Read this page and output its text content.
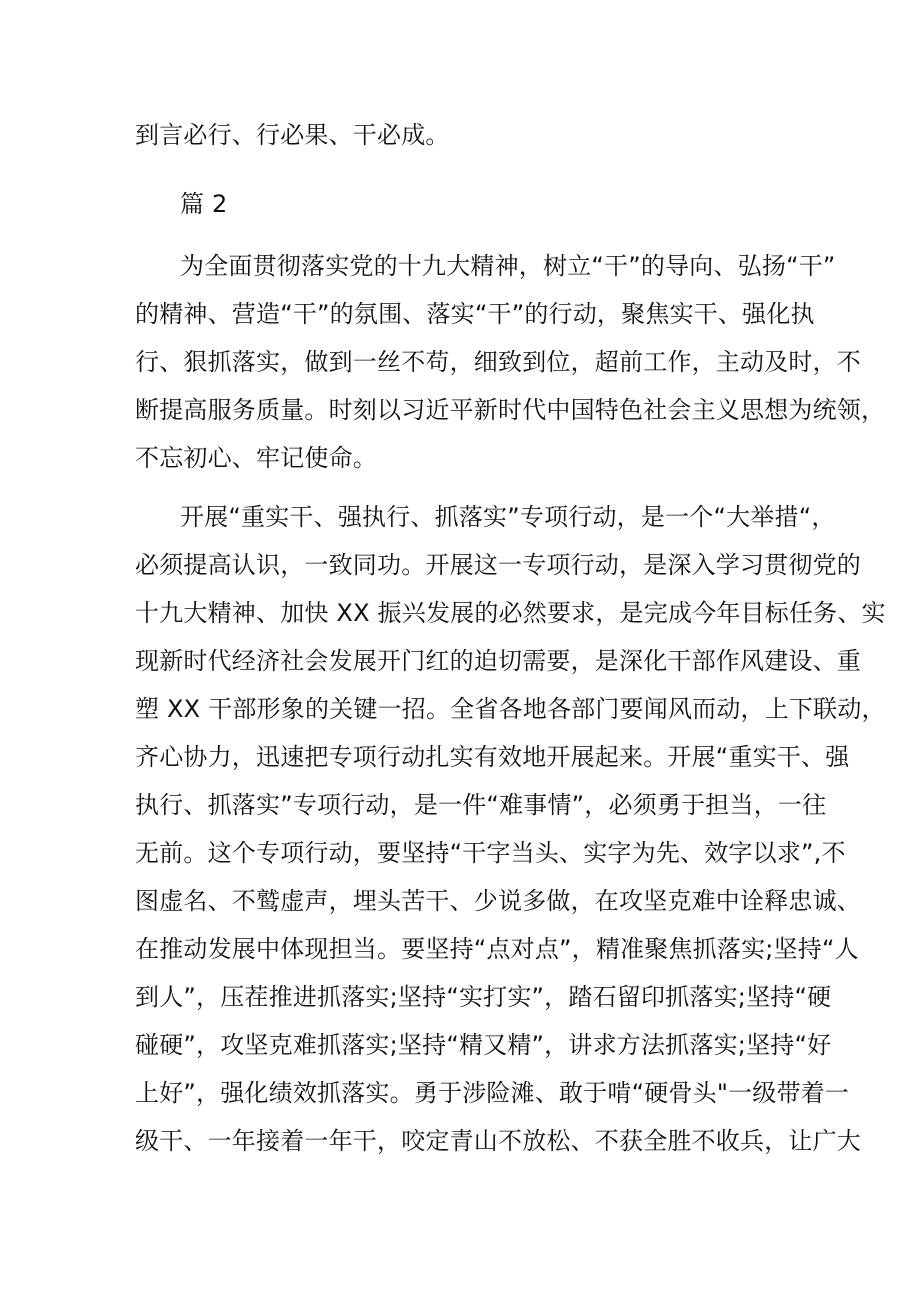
到言必行、行必果、干必成。
篇 2
为全面贯彻落实党的十九大精神，树立“干”的导向、弘扬“干”
的精神、营造“干”的氛围、落实“干”的行动，聚焦实干、强化执
行、狠抓落实，做到一丝不苟，细致到位，超前工作，主动及时，不
断提高服务质量。时刻以习近平新时代中国特色社会主义思想为统领，
不忘初心、牢记使命。
开展“重实干、强执行、抓落实”专项行动，是一个“大举措“，
必须提高认识，一致同功。开展这一专项行动，是深入学习贯彻党的
十九大精神、加快 XX 振兴发展的必然要求，是完成今年目标任务、实
现新时代经济社会发展开门红的迫切需要，是深化干部作风建设、重
塑 XX 干部形象的关键一招。全省各地各部门要闻风而动，上下联动，
齐心协力，迅速把专项行动扎实有效地开展起来。开展“重实干、强
执行、抓落实”专项行动，是一件“难事情”，必须勇于担当，一往
无前。这个专项行动，要坚持“干字当头、实字为先、效字以求”,不
图虚名、不鹫虚声，埋头苦干、少说多做，在攻坚克难中诠释忠诚、
在推动发展中体现担当。要坚持“点对点”，精准聚焦抓落实;坚持“人
到人”，压茬推进抓落实;坚持“实打实”，踏石留印抓落实;坚持“硬
碰硬”，攻坚克难抓落实;坚持“精又精”，讲求方法抓落实;坚持“好
上好”，强化绩效抓落实。勇于涉险滩、敢于啃“硬骨头"一级带着一
级干、一年接着一年干，咬定青山不放松、不获全胜不收兵，让广大
